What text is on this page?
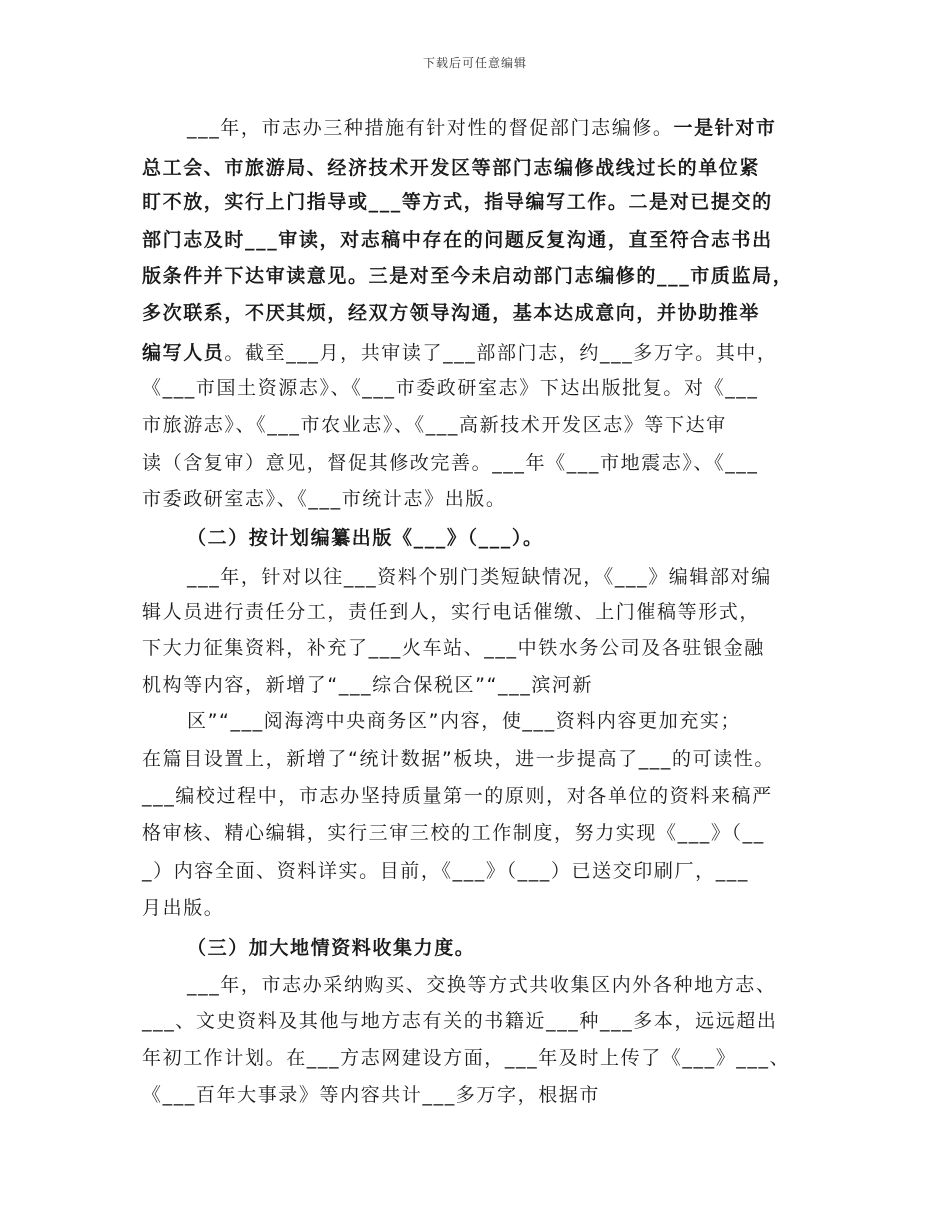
下载后可任意编辑
___年，市志办三种措施有针对性的督促部门志编修。一是针对市
总工会、市旅游局、经济技术开发区等部门志编修战线过长的单位紧
盯不放，实行上门指导或___等方式，指导编写工作。二是对已提交的
部门志及时___审读，对志稿中存在的问题反复沟通，直至符合志书出
版条件并下达审读意见。三是对至今未启动部门志编修的___市质监局，
多次联系，不厌其烦，经双方领导沟通，基本达成意向，并协助推举
编写人员。截至___月，共审读了___部部门志，约___多万字。其中，
《___市国土资源志》、《___市委政研室志》下达出版批复。对《___
市旅游志》、《___市农业志》、《___高新技术开发区志》等下达审
读（含复审）意见，督促其修改完善。___年《___市地震志》、《___
市委政研室志》、《___市统计志》出版。
（二）按计划编纂出版《___》（___）。
___年，针对以往___资料个别门类短缺情况，《___》编辑部对编
辑人员进行责任分工，责任到人，实行电话催缴、上门催稿等形式，
下大力征集资料，补充了___火车站、___中铁水务公司及各驻银金融
机构等内容，新增了“___综合保税区”“___滨河新
区”“___阅海湾中央商务区”内容，使___资料内容更加充实；
在篇目设置上，新增了“统计数据”板块，进一步提高了___的可读性。
___编校过程中，市志办坚持质量第一的原则，对各单位的资料来稿严
格审核、精心编辑，实行三审三校的工作制度，努力实现《___》（__
_）内容全面、资料详实。目前，《___》（___）已送交印刷厂，___
月出版。
（三）加大地情资料收集力度。
___年，市志办采纳购买、交换等方式共收集区内外各种地方志、
___、文史资料及其他与地方志有关的书籍近___种___多本，远远超出
年初工作计划。在___方志网建设方面，___年及时上传了《___》___、
《___百年大事录》等内容共计___多万字，根据市
